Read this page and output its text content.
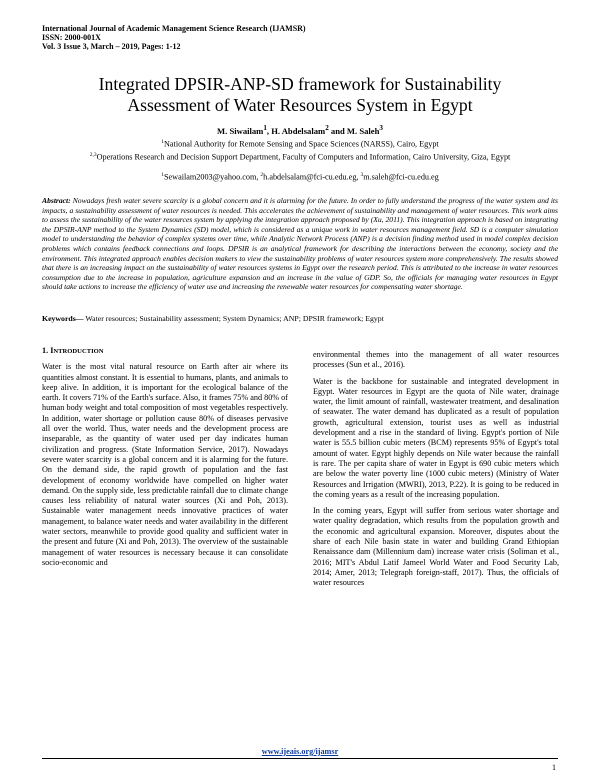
International Journal of Academic Management Science Research (IJAMSR)
ISSN: 2000-001X
Vol. 3 Issue 3, March – 2019, Pages: 1-12
Integrated DPSIR-ANP-SD framework for Sustainability
Assessment of Water Resources System in Egypt
M. Siwailam$^1$, H. Abdelsalam$^2$ and M. Saleh$^3$
$^1$National Authority for Remote Sensing and Space Sciences (NARSS), Cairo, Egypt
$^{2,3}$Operations Research and Decision Support Department, Faculty of Computers and Information, Cairo University, Giza, Egypt
$^1$Sewailam2003@yahoo.com, $^2$h.abdelsalam@fci-cu.edu.eg, $^3$m.saleh@fci-cu.edu.eg
Abstract: Nowadays fresh water severe scarcity is a global concern and it is alarming for the future. In order to fully understand the progress of the water system and its impacts, a sustainability assessment of water resources is needed. This accelerates the achievement of sustainability and management of water resources. This work aims to assess the sustainability of the water resources system by applying the integration approach proposed by (Xu, 2011). This integration approach is based on integrating the DPSIR-ANP method to the System Dynamics (SD) model, which is considered as a unique work in water resources management field. SD is a computer simulation model to understanding the behavior of complex systems over time, while Analytic Network Process (ANP) is a decision finding method used in model complex decision problems which contains feedback connections and loops. DPSIR is an analytical framework for describing the interactions between the economy, society and the environment. This integrated approach enables decision makers to view the sustainability problems of water resources system more comprehensively. The results showed that there is an increasing impact on the sustainability of water resources systems in Egypt over the research period. This is attributed to the increase in water resources consumption due to the increase in population, agriculture expansion and an increase in the value of GDP. So, the officials for managing water resources in Egypt should take actions to increase the efficiency of water use and increasing the renewable water resources for compensating water shortage.
Keywords— Water resources; Sustainability assessment; System Dynamics; ANP; DPSIR framework; Egypt
1. INTRODUCTION

Water is the most vital natural resource on Earth after air where its quantities almost constant. It is essential to humans, plants, and animals to keep alive. In addition, it is important for the ecological balance of the earth. It covers 71% of the Earth's surface. Also, it frames 75% and 80% of human body weight and total composition of most vegetables respectively. In addition, water shortage or pollution cause 80% of diseases pervasive all over the world. Thus, water needs and the development process are inseparable, as the quantity of water used per day indicates human civilization and progress. (State Information Service, 2017). Nowadays severe water scarcity is a global concern and it is alarming for the future. On the demand side, the rapid growth of population and the fast development of economy worldwide have compelled on higher water demand. On the supply side, less predictable rainfall due to climate change causes less reliability of natural water sources (Xi and Poh, 2013). Sustainable water management needs innovative practices of water management, to balance water needs and water availability in the different water sectors, meanwhile to provide good quality and sufficient water in the present and future (Xi and Poh, 2013). The overview of the sustainable management of water resources is necessary because it can consolidate socio-economic and

environmental themes into the management of all water resources processes (Sun et al., 2016).

Water is the backbone for sustainable and integrated development in Egypt. Water resources in Egypt are the quota of Nile water, drainage water, the limit amount of rainfall, wastewater treatment, and desalination of seawater. The water demand has duplicated as a result of population growth, agricultural extension, tourist uses as well as industrial development and a rise in the standard of living. Egypt's portion of Nile water is 55.5 billion cubic meters (BCM) represents 95% of Egypt's total amount of water. Egypt highly depends on Nile water because the rainfall is rare. The per capita share of water in Egypt is 690 cubic meters which are below the water poverty line (1000 cubic meters) (Ministry of Water Resources and Irrigation (MWRI), 2013, P.22). It is going to be reduced in the coming years as a result of the increasing population.

In the coming years, Egypt will suffer from serious water shortage and water quality degradation, which results from the population growth and the economic and agricultural expansion. Moreover, disputes about the share of each Nile basin state in water and building Grand Ethiopian Renaissance dam (Millennium dam) increase water crisis (Soliman et al., 2016; MIT's Abdul Latif Jameel World Water and Food Security Lab, 2014; Amer, 2013; Telegraph foreign-staff, 2017). Thus, the officials of water resources

www.ijeais.org/ijamsr
1
